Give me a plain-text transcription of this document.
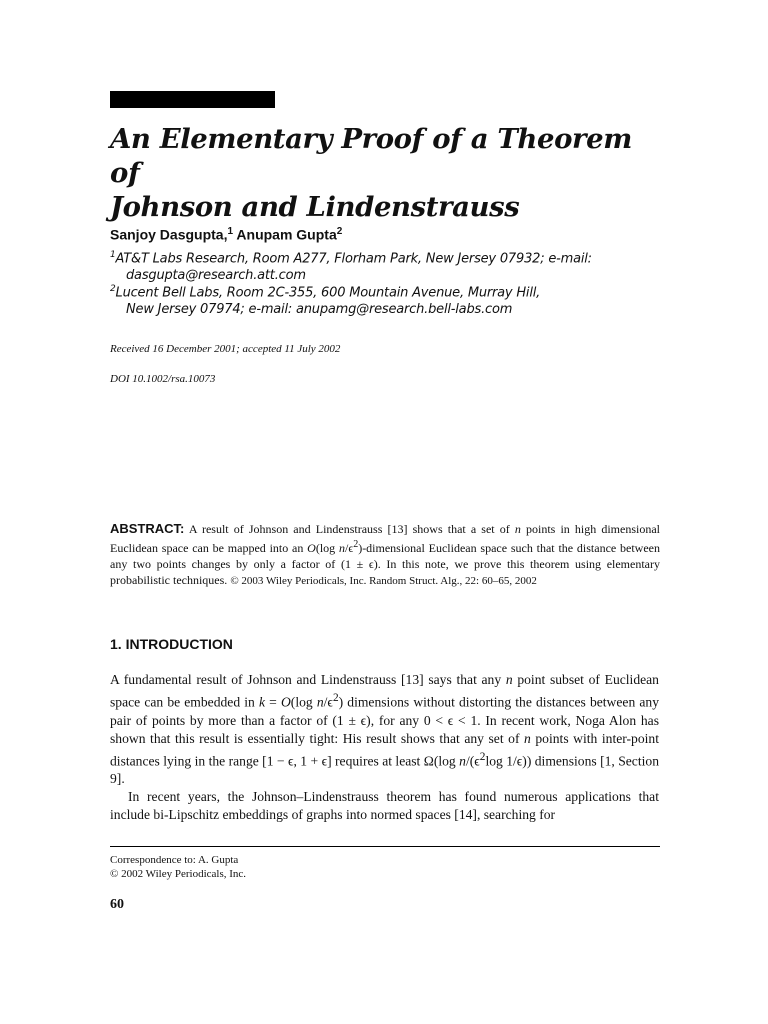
An Elementary Proof of a Theorem of
Johnson and Lindenstrauss
Sanjoy Dasgupta,$^1$ Anupam Gupta$^2$
$^1$AT&T Labs Research, Room A277, Florham Park, New Jersey 07932; e-mail:
dasgupta@research.att.com
$^2$Lucent Bell Labs, Room 2C-355, 600 Mountain Avenue, Murray Hill,
New Jersey 07974; e-mail: anupamg@research.bell-labs.com
Received 16 December 2001; accepted 11 July 2002
DOI 10.1002/rsa.10073
ABSTRACT: A result of Johnson and Lindenstrauss [13] shows that a set of n points in high dimensional Euclidean space can be mapped into an O(log $n/\epsilon^2$)-dimensional Euclidean space such that the distance between any two points changes by only a factor of (1 ± ϵ). In this note, we prove this theorem using elementary probabilistic techniques. © 2003 Wiley Periodicals, Inc. Random Struct. Alg., 22: 60–65, 2002
1. INTRODUCTION

A fundamental result of Johnson and Lindenstrauss [13] says that any n point subset of Euclidean space can be embedded in k = O(log $n/\epsilon^2$) dimensions without distorting the distances between any pair of points by more than a factor of (1 ± ϵ), for any 0 < ϵ < 1. In recent work, Noga Alon has shown that this result is essentially tight: His result shows that any set of n points with inter-point distances lying in the range [1 − ϵ, 1 + ϵ] requires at least Ω(log $n/(\epsilon^2\log$ 1/ϵ)) dimensions [1, Section 9].

In recent years, the Johnson–Lindenstrauss theorem has found numerous applications that include bi-Lipschitz embeddings of graphs into normed spaces [14], searching for

Correspondence to: A. Gupta
© 2002 Wiley Periodicals, Inc.
60
